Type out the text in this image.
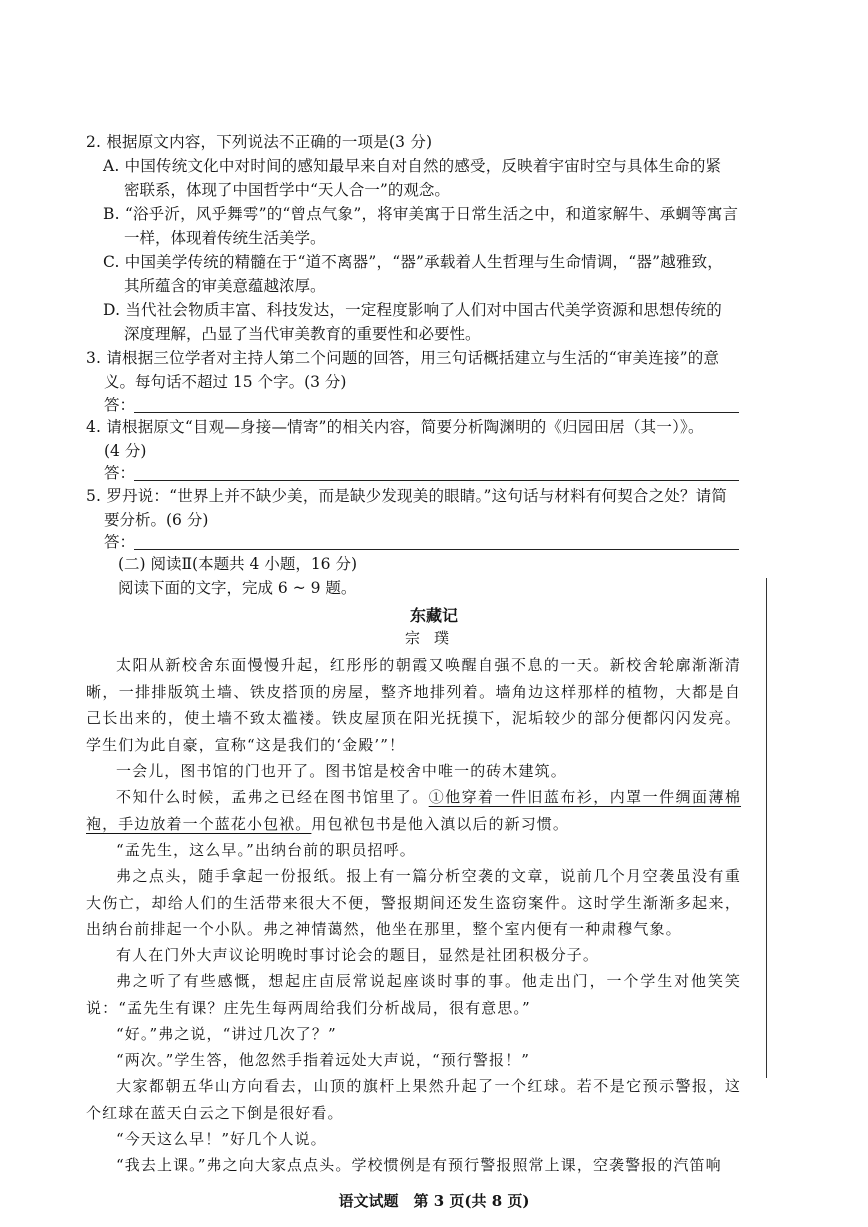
2. 根据原文内容，下列说法不正确的一项是(3 分)
A. 中国传统文化中对时间的感知最早来自对自然的感受，反映着宇宙时空与具体生命的紧
密联系，体现了中国哲学中“天人合一”的观念。
B. “浴乎沂，风乎舞雩”的“曾点气象”，将审美寓于日常生活之中，和道家解牛、承蜩等寓言
一样，体现着传统生活美学。
C. 中国美学传统的精髓在于“道不离器”，“器”承载着人生哲理与生命情调，“器”越雅致，
其所蕴含的审美意蕴越浓厚。
D. 当代社会物质丰富、科技发达，一定程度影响了人们对中国古代美学资源和思想传统的
深度理解，凸显了当代审美教育的重要性和必要性。
3. 请根据三位学者对主持人第二个问题的回答，用三句话概括建立与生活的“审美连接”的意
义。每句话不超过 15 个字。(3 分)
答：
4. 请根据原文“目观—身接—情寄”的相关内容，简要分析陶渊明的《归园田居（其一）》。
(4 分)
答：
5. 罗丹说：“世界上并不缺少美，而是缺少发现美的眼睛。”这句话与材料有何契合之处？请简
要分析。(6 分)
答：
(二) 阅读Ⅱ(本题共 4 小题，16 分)
阅读下面的文字，完成 6 ~ 9 题。
东藏记
宗璞
太阳从新校舍东面慢慢升起，红彤彤的朝霞又唤醒自强不息的一天。新校舍轮廓渐渐清晰，一排排版筑土墙、铁皮搭顶的房屋，整齐地排列着。墙角边这样那样的植物，大都是自己长出来的，使土墙不致太褴褛。铁皮屋顶在阳光抚摸下，泥垢较少的部分便都闪闪发亮。学生们为此自豪，宣称“这是我们的‘金殿’”！
一会儿，图书馆的门也开了。图书馆是校舍中唯一的砖木建筑。
不知什么时候，孟弗之已经在图书馆里了。①他穿着一件旧蓝布衫，内罩一件绸面薄棉袍，手边放着一个蓝花小包袱。用包袱包书是他入滇以后的新习惯。
“孟先生，这么早。”出纳台前的职员招呼。
弗之点头，随手拿起一份报纸。报上有一篇分析空袭的文章，说前几个月空袭虽没有重大伤亡，却给人们的生活带来很大不便，警报期间还发生盗窃案件。这时学生渐渐多起来，出纳台前排起一个小队。弗之神情蔼然，他坐在那里，整个室内便有一种肃穆气象。
有人在门外大声议论明晚时事讨论会的题目，显然是社团积极分子。
弗之听了有些感慨，想起庄卣辰常说起座谈时事的事。他走出门，一个学生对他笑笑说：“孟先生有课？庄先生每两周给我们分析战局，很有意思。”
“好。”弗之说，“讲过几次了？”
“两次。”学生答，他忽然手指着远处大声说，“预行警报！”
大家都朝五华山方向看去，山顶的旗杆上果然升起了一个红球。若不是它预示警报，这个红球在蓝天白云之下倒是很好看。
“今天这么早！”好几个人说。
“我去上课。”弗之向大家点点头。学校惯例是有预行警报照常上课，空袭警报的汽笛响
语文试题　第 3 页(共 8 页)
